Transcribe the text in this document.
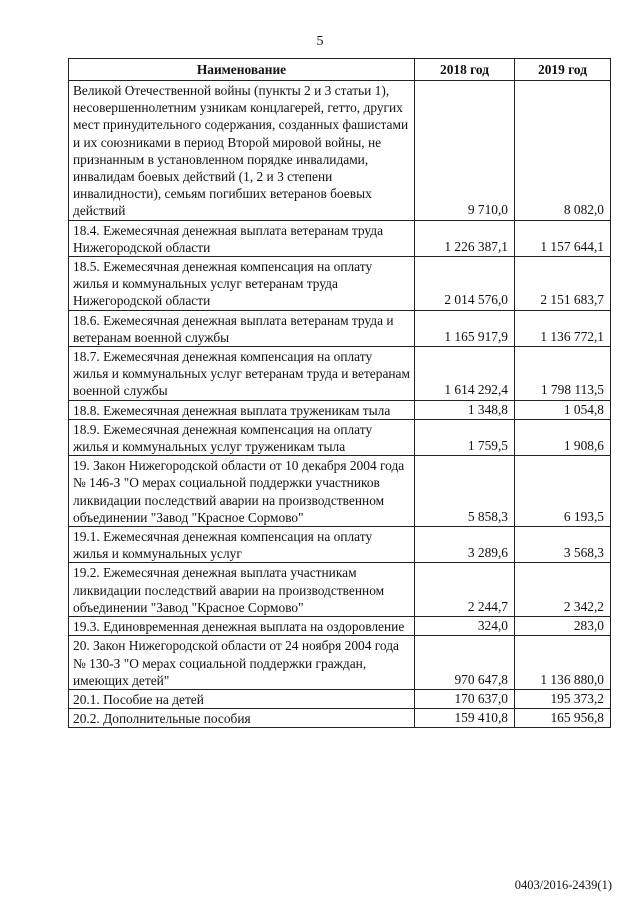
5
Наименование	2018 год	2019 год
Великой Отечественной войны (пункты 2 и 3 статьи 1), несовершеннолетним узникам концлагерей, гетто, других мест принудительного содержания, созданных фашистами и их союзниками в период Второй мировой войны, не признанным в установленном порядке инвалидами, инвалидам боевых действий (1, 2 и 3 степени инвалидности), семьям погибших ветеранов боевых действий	9 710,0	8 082,0
18.4. Ежемесячная денежная выплата ветеранам труда Нижегородской области	1 226 387,1	1 157 644,1
18.5. Ежемесячная денежная компенсация на оплату жилья и коммунальных услуг ветеранам труда Нижегородской области	2 014 576,0	2 151 683,7
18.6. Ежемесячная денежная выплата ветеранам труда и ветеранам военной службы	1 165 917,9	1 136 772,1
18.7. Ежемесячная денежная компенсация на оплату жилья и коммунальных услуг ветеранам труда и ветеранам военной службы	1 614 292,4	1 798 113,5
18.8. Ежемесячная денежная выплата труженикам тыла	1 348,8	1 054,8
18.9. Ежемесячная денежная компенсация на оплату жилья и коммунальных услуг труженикам тыла	1 759,5	1 908,6
19. Закон Нижегородской области от 10 декабря 2004 года № 146-З "О мерах социальной поддержки участников ликвидации последствий аварии на производственном объединении "Завод "Красное Сормово"	5 858,3	6 193,5
19.1. Ежемесячная денежная компенсация на оплату жилья и коммунальных услуг	3 289,6	3 568,3
19.2. Ежемесячная денежная выплата участникам ликвидации последствий аварии на производственном объединении "Завод "Красное Сормово"	2 244,7	2 342,2
19.3. Единовременная денежная выплата на оздоровление	324,0	283,0
20. Закон Нижегородской области от 24 ноября 2004 года № 130-З "О мерах социальной поддержки граждан, имеющих детей"	970 647,8	1 136 880,0
20.1. Пособие на детей	170 637,0	195 373,2
20.2. Дополнительные пособия	159 410,8	165 956,8
0403/2016-2439(1)
